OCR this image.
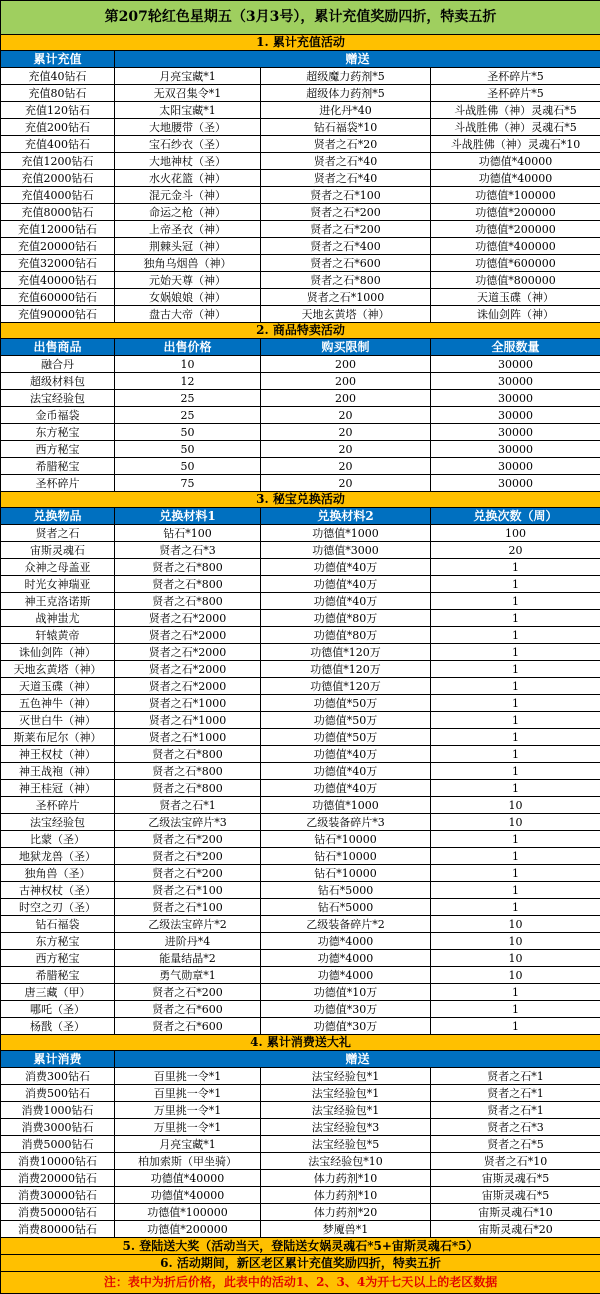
第207轮红色星期五（3月3号），累计充值奖励四折，特卖五折			
1. 累计充值活动			
累计充值	赠送		
充值40钻石	月亮宝藏*1	超级魔力药剂*5	圣杯碎片*5
充值80钻石	无双召集令*1	超级体力药剂*5	圣杯碎片*5
充值120钻石	太阳宝藏*1	进化丹*40	斗战胜佛（神）灵魂石*5
充值200钻石	大地腰带（圣）	钻石福袋*10	斗战胜佛（神）灵魂石*5
充值400钻石	宝石纱衣（圣）	贤者之石*20	斗战胜佛（神）灵魂石*10
充值1200钻石	大地神杖（圣）	贤者之石*40	功德值*40000
充值2000钻石	水火花篮（神）	贤者之石*40	功德值*40000
充值4000钻石	混元金斗（神）	贤者之石*100	功德值*100000
充值8000钻石	命运之枪（神）	贤者之石*200	功德值*200000
充值12000钻石	上帝圣衣（神）	贤者之石*200	功德值*200000
充值20000钻石	荆棘头冠（神）	贤者之石*400	功德值*400000
充值32000钻石	独角乌烟兽（神）	贤者之石*600	功德值*600000
充值40000钻石	元始天尊（神）	贤者之石*800	功德值*800000
充值60000钻石	女娲娘娘（神）	贤者之石*1000	天道玉碟（神）
充值90000钻石	盘古大帝（神）	天地玄黄塔（神）	诛仙剑阵（神）
2. 商品特卖活动			
出售商品	出售价格	购买限制	全服数量
融合丹	10	200	30000
超级材料包	12	200	30000
法宝经验包	25	200	30000
金币福袋	25	20	30000
东方秘宝	50	20	30000
西方秘宝	50	20	30000
希腊秘宝	50	20	30000
圣杯碎片	75	20	30000
3. 秘宝兑换活动			
兑换物品	兑换材料1	兑换材料2	兑换次数（周）
贤者之石	钻石*100	功德值*1000	100
宙斯灵魂石	贤者之石*3	功德值*3000	20
众神之母盖亚	贤者之石*800	功德值*40万	1
时光女神瑞亚	贤者之石*800	功德值*40万	1
神王克洛诺斯	贤者之石*800	功德值*40万	1
战神蚩尤	贤者之石*2000	功德值*80万	1
轩辕黄帝	贤者之石*2000	功德值*80万	1
诛仙剑阵（神）	贤者之石*2000	功德值*120万	1
天地玄黄塔（神）	贤者之石*2000	功德值*120万	1
天道玉碟（神）	贤者之石*2000	功德值*120万	1
五色神牛（神）	贤者之石*1000	功德值*50万	1
灭世白牛（神）	贤者之石*1000	功德值*50万	1
斯莱布尼尔（神）	贤者之石*1000	功德值*50万	1
神王权杖（神）	贤者之石*800	功德值*40万	1
神王战袍（神）	贤者之石*800	功德值*40万	1
神王桂冠（神）	贤者之石*800	功德值*40万	1
圣杯碎片	贤者之石*1	功德值*1000	10
法宝经验包	乙级法宝碎片*3	乙级装备碎片*3	10
比蒙（圣）	贤者之石*200	钻石*10000	1
地狱龙兽（圣）	贤者之石*200	钻石*10000	1
独角兽（圣）	贤者之石*200	钻石*10000	1
古神权杖（圣）	贤者之石*100	钻石*5000	1
时空之刃（圣）	贤者之石*100	钻石*5000	1
钻石福袋	乙级法宝碎片*2	乙级装备碎片*2	10
东方秘宝	进阶丹*4	功德*4000	10
西方秘宝	能量结晶*2	功德*4000	10
希腊秘宝	勇气勋章*1	功德*4000	10
唐三藏（甲）	贤者之石*200	功德值*10万	1
哪吒（圣）	贤者之石*600	功德值*30万	1
杨戬（圣）	贤者之石*600	功德值*30万	1
4. 累计消费送大礼			
累计消费	赠送		
消费300钻石	百里挑一令*1	法宝经验包*1	贤者之石*1
消费500钻石	百里挑一令*1	法宝经验包*1	贤者之石*1
消费1000钻石	万里挑一令*1	法宝经验包*1	贤者之石*1
消费3000钻石	万里挑一令*1	法宝经验包*3	贤者之石*3
消费5000钻石	月亮宝藏*1	法宝经验包*5	贤者之石*5
消费10000钻石	柏加索斯（甲坐骑）	法宝经验包*10	贤者之石*10
消费20000钻石	功德值*40000	体力药剂*10	宙斯灵魂石*5
消费30000钻石	功德值*40000	体力药剂*10	宙斯灵魂石*5
消费50000钻石	功德值*100000	体力药剂*20	宙斯灵魂石*10
消费80000钻石	功德值*200000	梦魇兽*1	宙斯灵魂石*20
5. 登陆送大奖（活动当天，登陆送女娲灵魂石*5+宙斯灵魂石*5）			
6. 活动期间，新区老区累计充值奖励四折，特卖五折			
注：表中为折后价格，此表中的活动1、2、3、4为开七天以上的老区数据			
